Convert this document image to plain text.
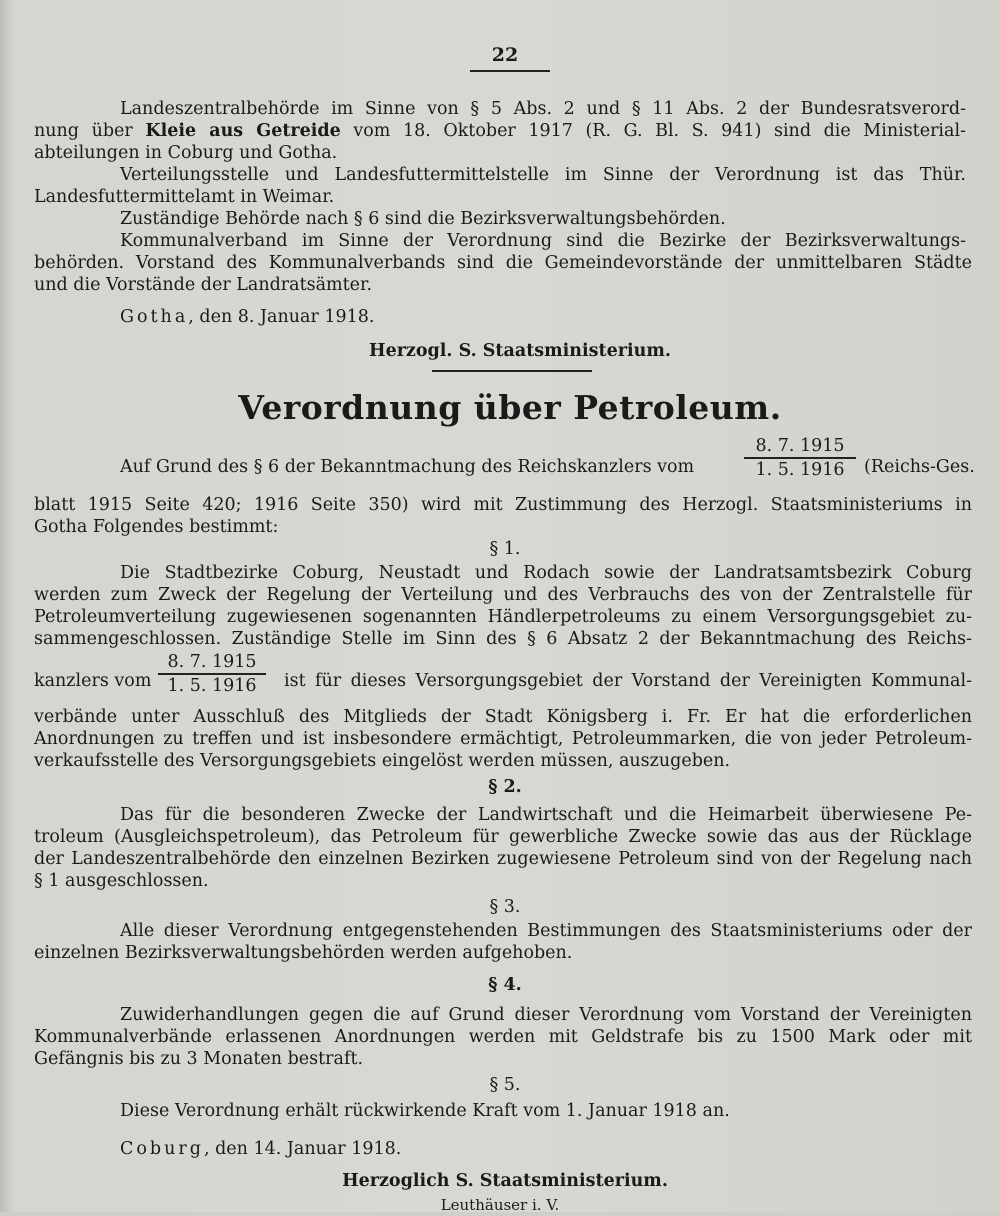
22
Landeszentralbehörde im Sinne von § 5 Abs. 2 und § 11 Abs. 2 der Bundesratsverord-
nung über Kleie aus Getreide vom 18. Oktober 1917 (R. G. Bl. S. 941) sind die Ministerial-
abteilungen in Coburg und Gotha.
Verteilungsstelle und Landesfuttermittelstelle im Sinne der Verordnung ist das Thür.
Landesfuttermittelamt in Weimar.
Zuständige Behörde nach § 6 sind die Bezirksverwaltungsbehörden.
Kommunalverband im Sinne der Verordnung sind die Bezirke der Bezirksverwaltungs-
behörden. Vorstand des Kommunalverbands sind die Gemeindevorstände der unmittelbaren Städte
und die Vorstände der Landratsämter.
Gotha, den 8. Januar 1918.
Herzogl. S. Staatsministerium.
Verordnung über Petroleum.
Auf Grund des § 6 der Bekanntmachung des Reichskanzlers vom
8. 7. 1915
1. 5. 1916	(Reichs-Ges.
blatt 1915 Seite 420; 1916 Seite 350) wird mit Zustimmung des Herzogl. Staatsministeriums in
Gotha Folgendes bestimmt:
§ 1.
Die Stadtbezirke Coburg, Neustadt und Rodach sowie der Landratsamtsbezirk Coburg
werden zum Zweck der Regelung der Verteilung und des Verbrauchs des von der Zentralstelle für
Petroleumverteilung zugewiesenen sogenannten Händlerpetroleums zu einem Versorgungsgebiet zu-
sammengeschlossen. Zuständige Stelle im Sinn des § 6 Absatz 2 der Bekanntmachung des Reichs-
kanzlers vom
8. 7. 1915
1. 5. 1916	ist für dieses Versorgungsgebiet der Vorstand der Vereinigten Kommunal-
verbände unter Ausschluß des Mitglieds der Stadt Königsberg i. Fr. Er hat die erforderlichen
Anordnungen zu treffen und ist insbesondere ermächtigt, Petroleummarken, die von jeder Petroleum-
verkaufsstelle des Versorgungsgebiets eingelöst werden müssen, auszugeben.
§ 2.
Das für die besonderen Zwecke der Landwirtschaft und die Heimarbeit überwiesene Pe-
troleum (Ausgleichspetroleum), das Petroleum für gewerbliche Zwecke sowie das aus der Rücklage
der Landeszentralbehörde den einzelnen Bezirken zugewiesene Petroleum sind von der Regelung nach
§ 1 ausgeschlossen.
§ 3.
Alle dieser Verordnung entgegenstehenden Bestimmungen des Staatsministeriums oder der
einzelnen Bezirksverwaltungsbehörden werden aufgehoben.
§ 4.
Zuwiderhandlungen gegen die auf Grund dieser Verordnung vom Vorstand der Vereinigten
Kommunalverbände erlassenen Anordnungen werden mit Geldstrafe bis zu 1500 Mark oder mit
Gefängnis bis zu 3 Monaten bestraft.
§ 5.
Diese Verordnung erhält rückwirkende Kraft vom 1. Januar 1918 an.
Coburg, den 14. Januar 1918.
Herzoglich S. Staatsministerium.
Leuthäuser i. V.
